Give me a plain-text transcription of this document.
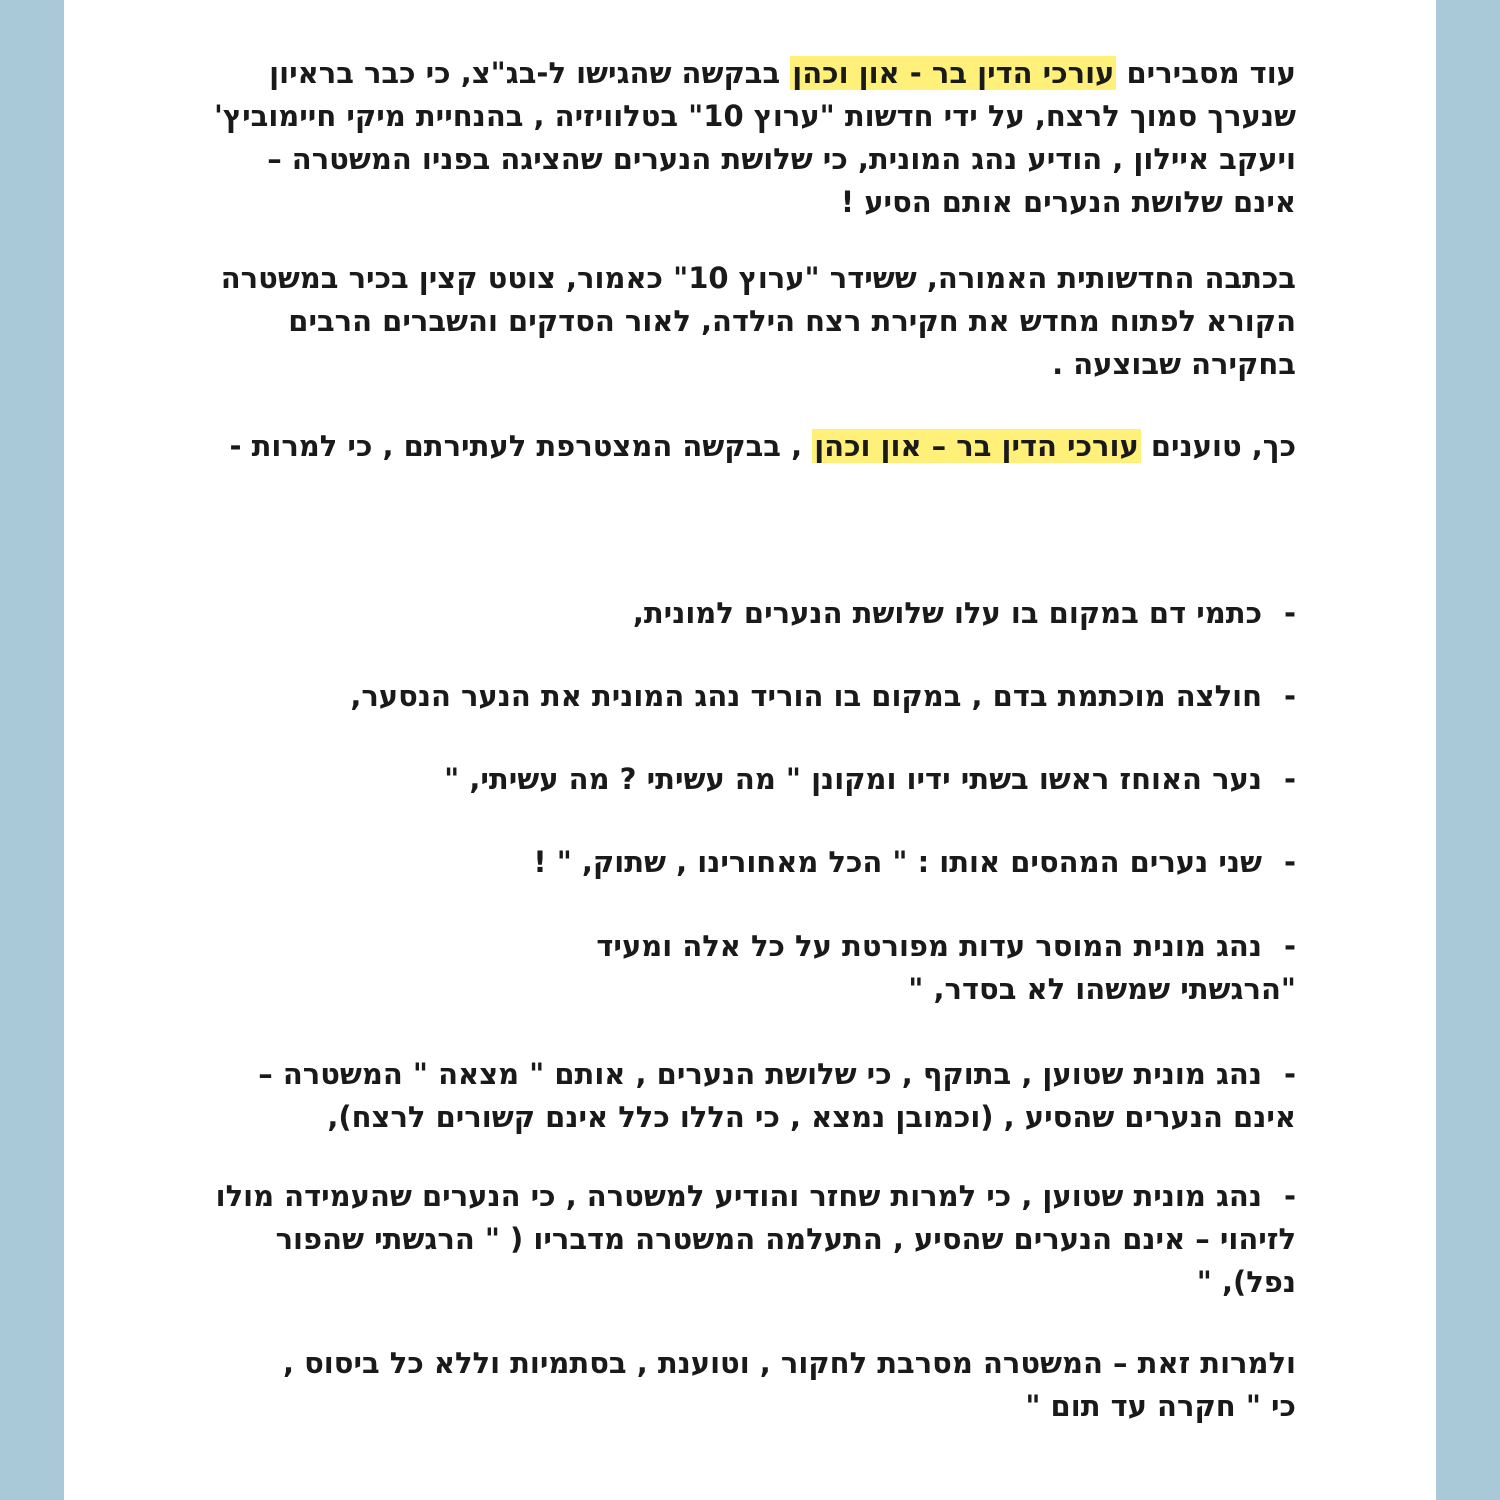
עוד מסבירים עורכי הדין בר - און וכהן בבקשה שהגישו ל-בג"צ, כי כבר בראיון
שנערך סמוך לרצח, על ידי חדשות "ערוץ 10" בטלוויזיה , בהנחיית מיקי חיימוביץ'
ויעקב איילון , הודיע נהג המונית, כי שלושת הנערים שהציגה בפניו המשטרה –
אינם שלושת הנערים אותם הסיע !
בכתבה החדשותית האמורה, ששידר "ערוץ 10" כאמור, צוטט קצין בכיר במשטרה
הקורא לפתוח מחדש את חקירת רצח הילדה, לאור הסדקים והשברים הרבים
בחקירה שבוצעה .
כך, טוענים עורכי הדין בר – און וכהן , בבקשה המצטרפת לעתירתם , כי למרות -
-כתמי דם במקום בו עלו שלושת הנערים למונית,
-חולצה מוכתמת בדם , במקום בו הוריד נהג המונית את הנער הנסער,
-נער האוחז ראשו בשתי ידיו ומקונן " מה עשיתי ? מה עשיתי, "
-שני נערים המהסים אותו : " הכל מאחורינו , שתוק, " !
-נהג מונית המוסר עדות מפורטת על כל אלה ומעיד
"הרגשתי שמשהו לא בסדר, "
-נהג מונית שטוען , בתוקף , כי שלושת הנערים , אותם " מצאה " המשטרה –
אינם הנערים שהסיע , (וכמובן נמצא , כי הללו כלל אינם קשורים לרצח),
-נהג מונית שטוען , כי למרות שחזר והודיע למשטרה , כי הנערים שהעמידה מולו
לזיהוי – אינם הנערים שהסיע , התעלמה המשטרה מדבריו ( " הרגשתי שהפור
נפל), "
ולמרות זאת – המשטרה מסרבת לחקור , וטוענת , בסתמיות וללא כל ביסוס ,
כי " חקרה עד תום "
